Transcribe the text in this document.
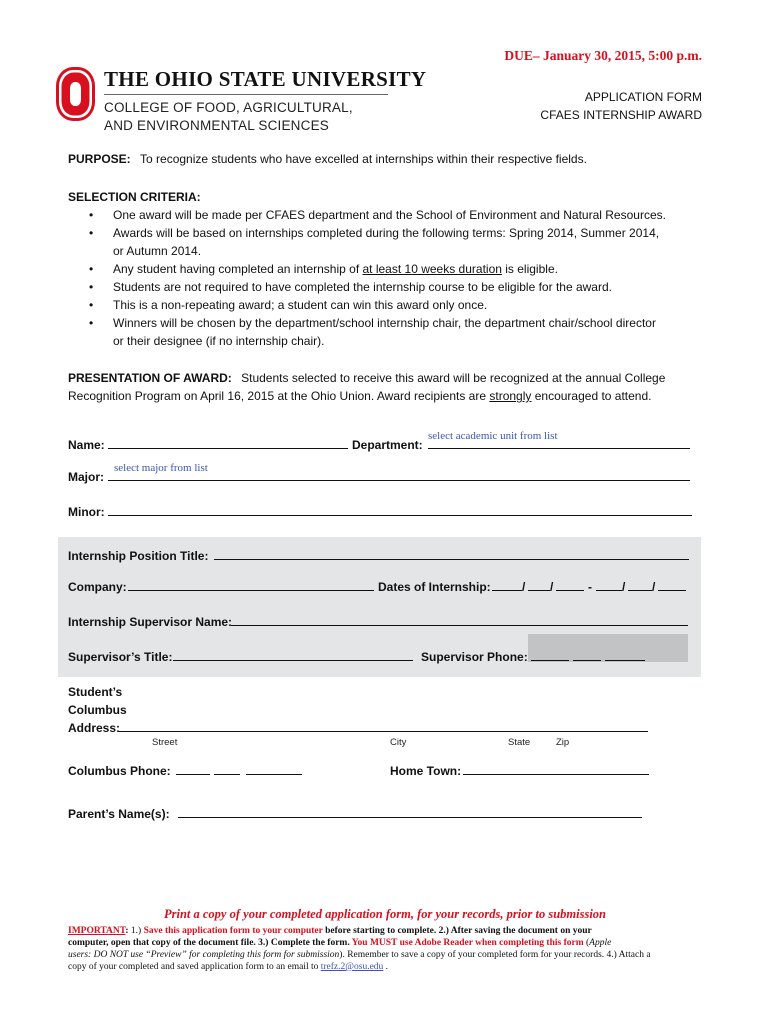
THE OHIO STATE UNIVERSITY
COLLEGE OF FOOD, AGRICULTURAL,
AND ENVIRONMENTAL SCIENCES
DUE– January 30, 2015, 5:00 p.m.
APPLICATION FORM
CFAES INTERNSHIP AWARD
PURPOSE: To recognize students who have excelled at internships within their respective fields.
SELECTION CRITERIA:
• One award will be made per CFAES department and the School of Environment and Natural Resources.
• Awards will be based on internships completed during the following terms: Spring 2014, Summer 2014,
or Autumn 2014.
• Any student having completed an internship of at least 10 weeks duration is eligible.
• Students are not required to have completed the internship course to be eligible for the award.
• This is a non-repeating award; a student can win this award only once.
• Winners will be chosen by the department/school internship chair, the department chair/school director
or their designee (if no internship chair).
PRESENTATION OF AWARD: Students selected to receive this award will be recognized at the annual College
Recognition Program on April 16, 2015 at the Ohio Union. Award recipients are strongly encouraged to attend.
Name:	Department:
select academic unit from list
Major:
select major from list
Minor:
Internship Position Title:
Company:	Dates of Internship:	/ /	-	/ /
Internship Supervisor Name:
Supervisor’s Title:	Supervisor Phone:
Student’s
Columbus
Address:
Street	City	State	Zip
Columbus Phone:	Home Town:
Parent’s Name(s):
Print a copy of your completed application form, for your records, prior to submission
IMPORTANT: 1.) Save this application form to your computer before starting to complete. 2.) After saving the document on your
computer, open that copy of the document file. 3.) Complete the form. You MUST use Adobe Reader when completing this form (Apple
users: DO NOT use “Preview” for completing this form for submission). Remember to save a copy of your completed form for your records. 4.) Attach a
copy of your completed and saved application form to an email to trefz.2@osu.edu .
